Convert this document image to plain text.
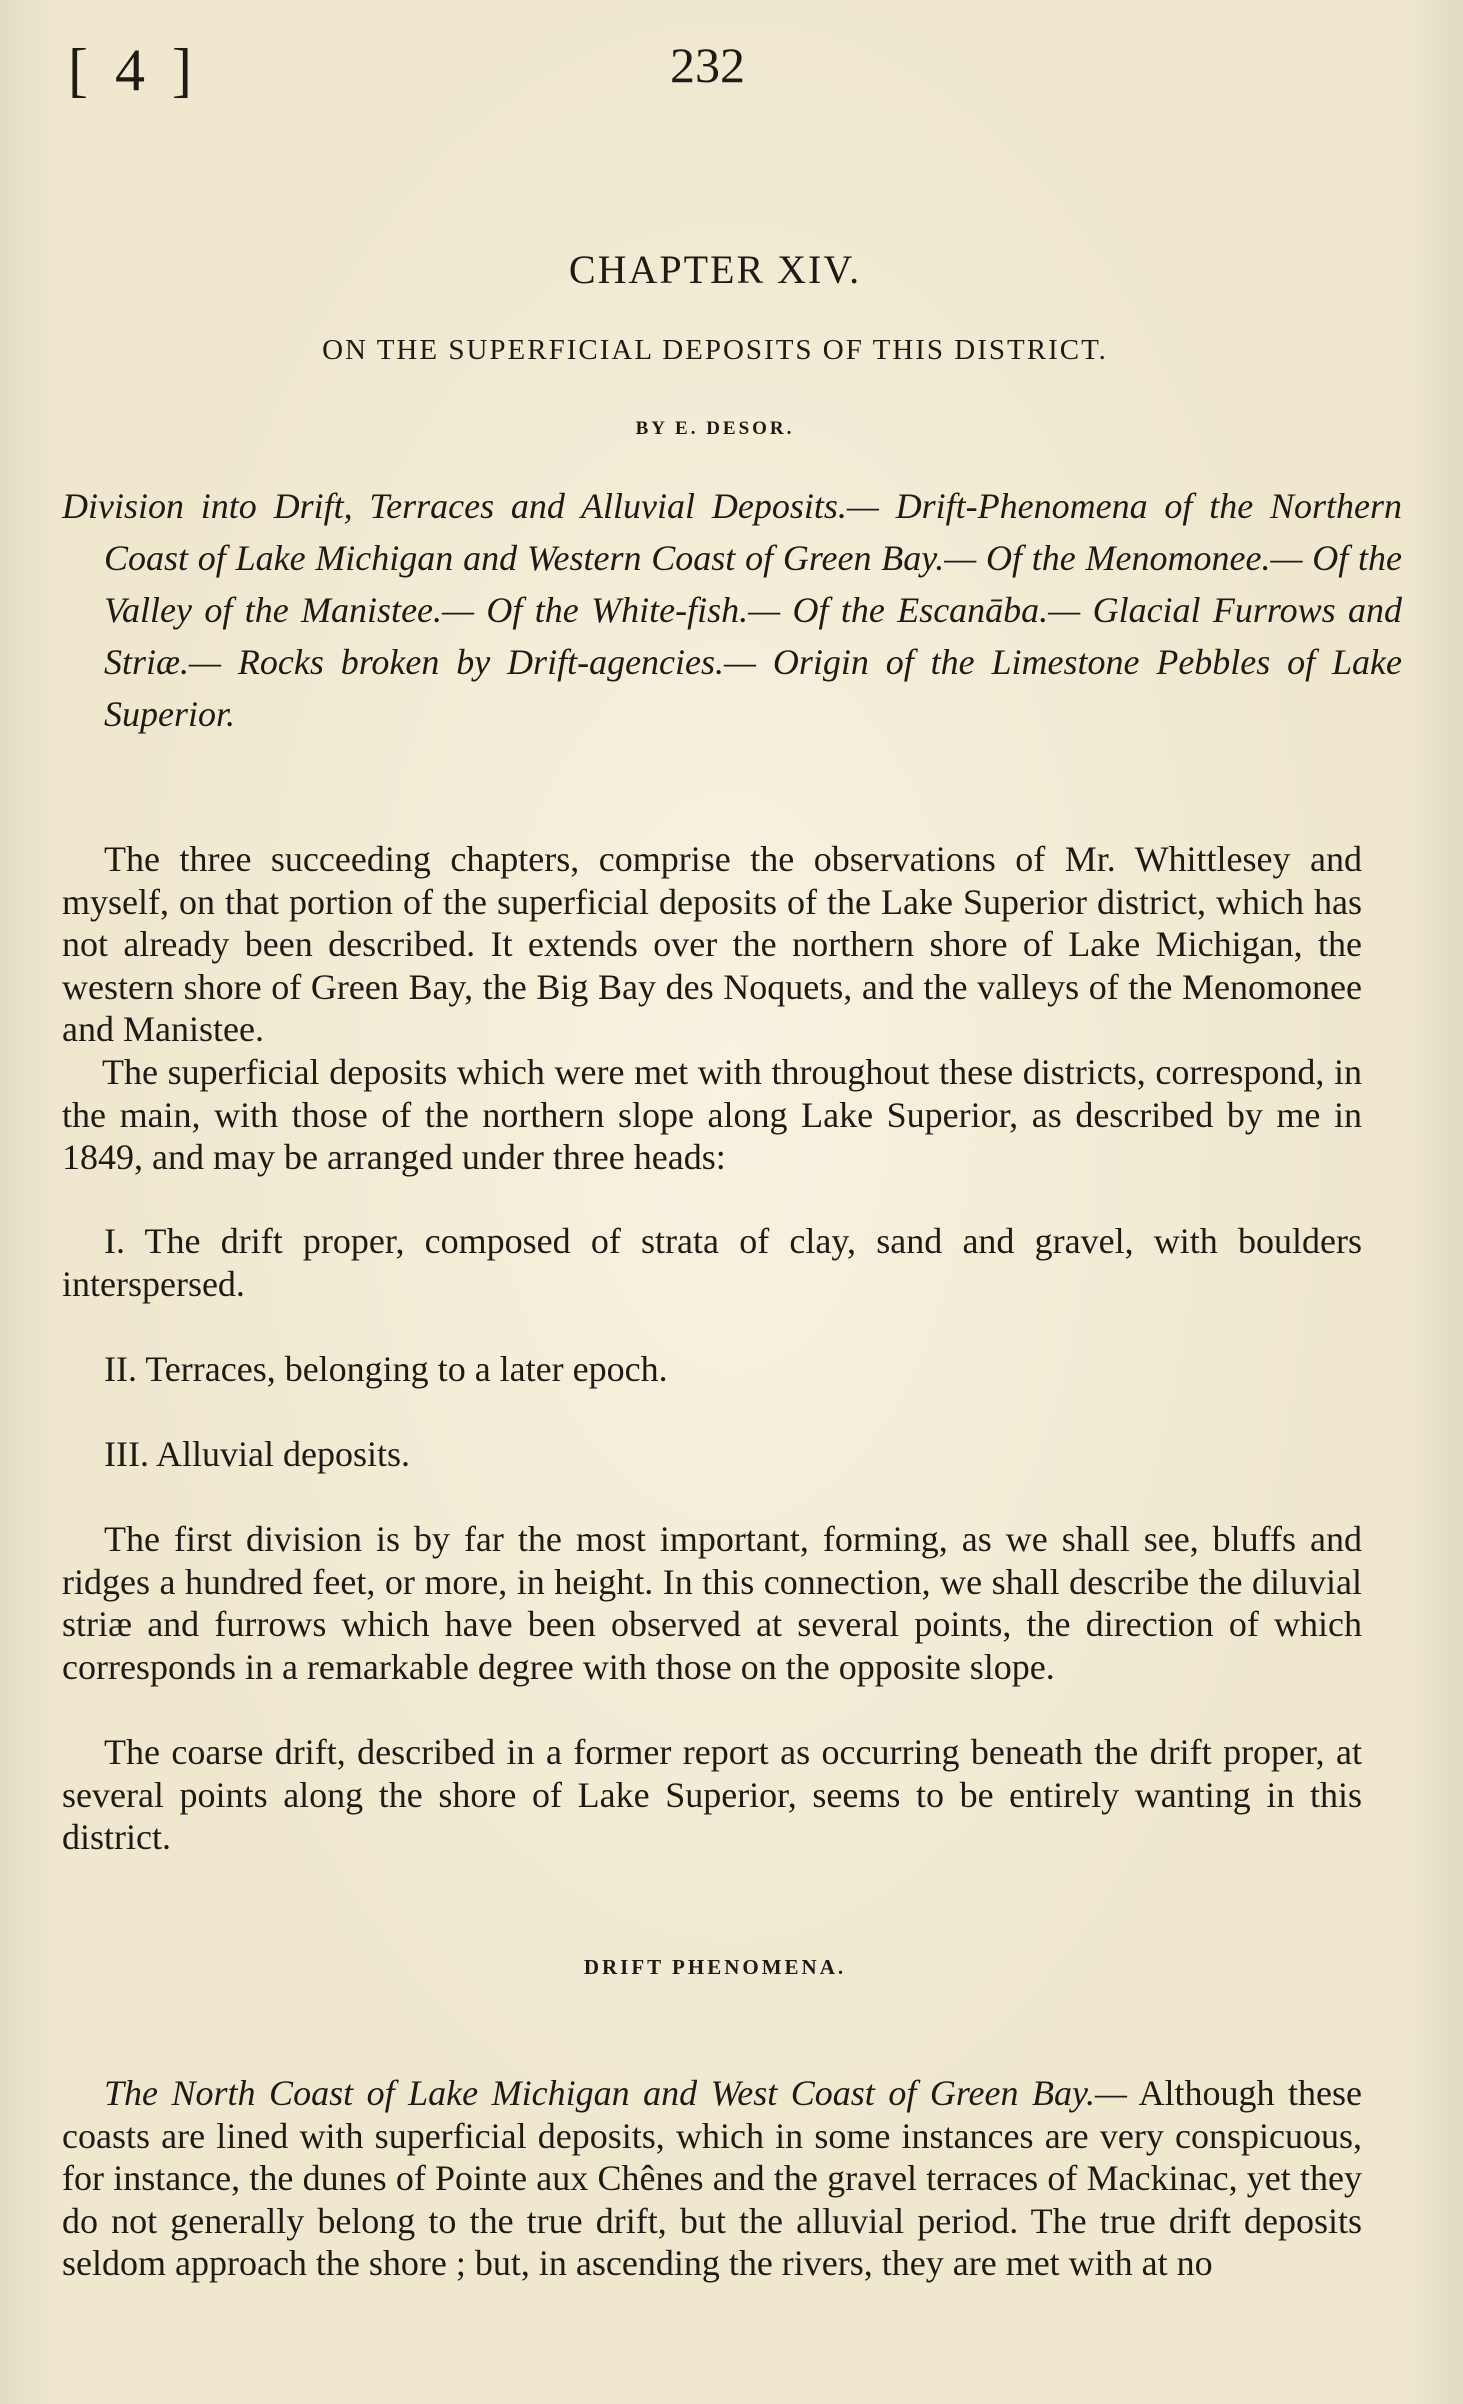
[ 4 ]	232
CHAPTER XIV.
ON THE SUPERFICIAL DEPOSITS OF THIS DISTRICT.
BY E. DESOR.
Division into Drift, Terraces and Alluvial Deposits.— Drift-Phenomena of the Northern Coast of Lake Michigan and Western Coast of Green Bay.— Of the Menomonee.— Of the Valley of the Manistee.— Of the White-fish.— Of the Escanāba.— Glacial Furrows and Striæ.— Rocks broken by Drift-agencies.— Origin of the Limestone Pebbles of Lake Superior.

The three succeeding chapters, comprise the observations of Mr. Whittlesey and myself, on that portion of the superficial deposits of the Lake Superior district, which has not already been described. It extends over the northern shore of Lake Michigan, the western shore of Green Bay, the Big Bay des Noquets, and the valleys of the Menomonee and Manistee.

The superficial deposits which were met with throughout these districts, correspond, in the main, with those of the northern slope along Lake Superior, as described by me in 1849, and may be arranged under three heads:

I. The drift proper, composed of strata of clay, sand and gravel, with boulders interspersed.

II. Terraces, belonging to a later epoch.

III. Alluvial deposits.

The first division is by far the most important, forming, as we shall see, bluffs and ridges a hundred feet, or more, in height. In this connection, we shall describe the diluvial striæ and furrows which have been observed at several points, the direction of which corresponds in a remarkable degree with those on the opposite slope.

The coarse drift, described in a former report as occurring beneath the drift proper, at several points along the shore of Lake Superior, seems to be entirely wanting in this district.

DRIFT PHENOMENA.

The North Coast of Lake Michigan and West Coast of Green Bay.— Although these coasts are lined with superficial deposits, which in some instances are very conspicuous, for instance, the dunes of Pointe aux Chênes and the gravel terraces of Mackinac, yet they do not generally belong to the true drift, but the alluvial period. The true drift deposits seldom approach the shore ; but, in ascending the rivers, they are met with at no
